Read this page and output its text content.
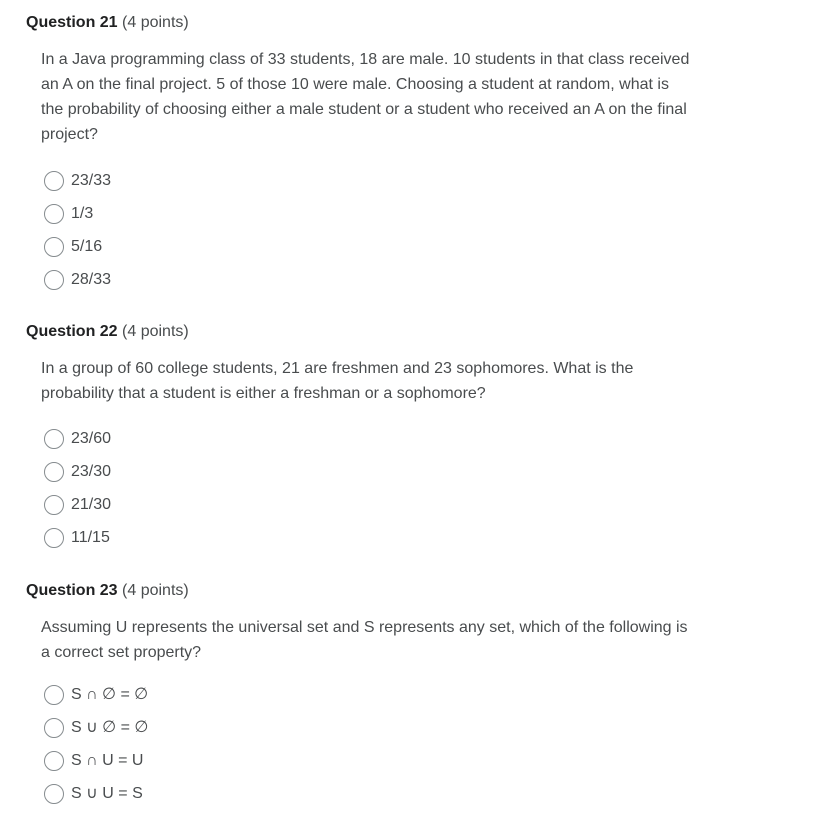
Question 21 (4 points)

In a Java programming class of 33 students, 18 are male. 10 students in that class received an A on the final project. 5 of those 10 were male. Choosing a student at random, what is the probability of choosing either a male student or a student who received an A on the final project?

23/33
1/3
5/16
28/33
Question 22 (4 points)

In a group of 60 college students, 21 are freshmen and 23 sophomores. What is the probability that a student is either a freshman or a sophomore?

23/60
23/30
21/30
11/15
Question 23 (4 points)

Assuming U represents the universal set and S represents any set, which of the following is a correct set property?

S ∩ ∅ = ∅
S ∪ ∅ = ∅
S ∩ U = U
S ∪ U = S
